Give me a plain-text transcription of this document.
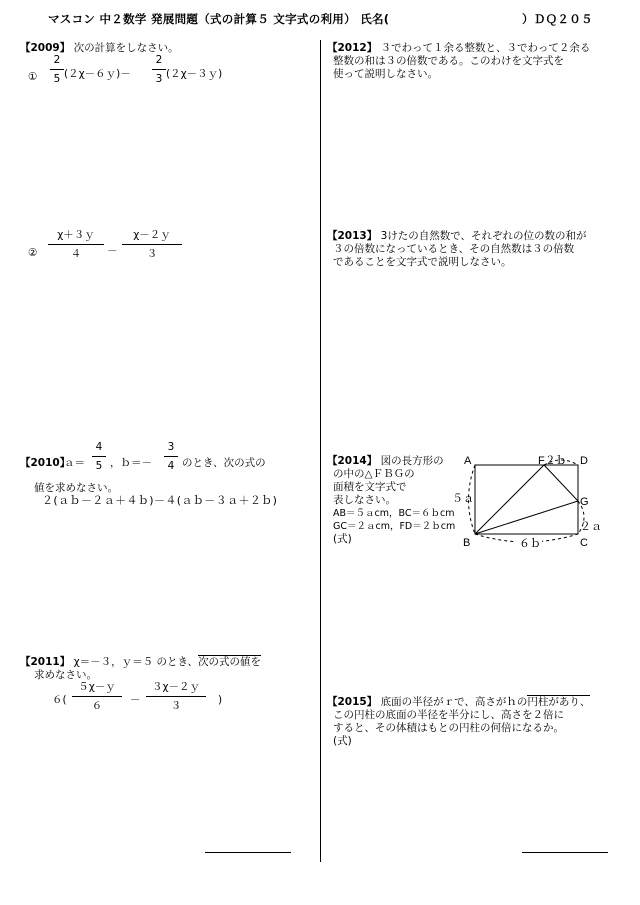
マスコン 中２数学 発展問題（式の計算５ 文字式の利用） 氏名(	）ＤＱ２０５
【2009】 次の計算をしなさい。
①
2
5 (２χ－６ｙ)－
2
3 (２χ－３ｙ)
②
χ＋３ｙ
４	－
χ－２ｙ
３
【2010】
ａ＝
4
5 ，ｂ＝－
3
4 のとき、次の式の
値を求めなさい。
２(ａｂ－２ａ＋４ｂ)－４(ａｂ－３ａ＋２ｂ)
【2011】 χ＝－３，ｙ＝５ のとき、次の式の値を
求めなさい。
６(
５χ－ｙ
６	－
３χ－２ｙ
３	)
【2012】 ３でわって１余る整数と、３でわって２余る
整数の和は３の倍数である。このわけを文字式を
使って説明しなさい。
【2013】 3けたの自然数で、それぞれの位の数の和が
３の倍数になっているとき、その自然数は３の倍数
であることを文字式で説明しなさい。
【2014】 図の長方形の
の中の△ＦＢＧの
面積を文字式で
表しなさい。
AB＝５ａcm，BC＝６ｂcm
GC＝２ａcm，FD＝２ｂcm
(式)
A
B	C
D
F２ｂ
G
５ａ
２ａ
６ｂ
【2015】 底面の半径がｒで、高さがｈの円柱があり、
この円柱の底面の半径を半分にし、高さを２倍に
すると、その体積はもとの円柱の何倍になるか。
(式)
